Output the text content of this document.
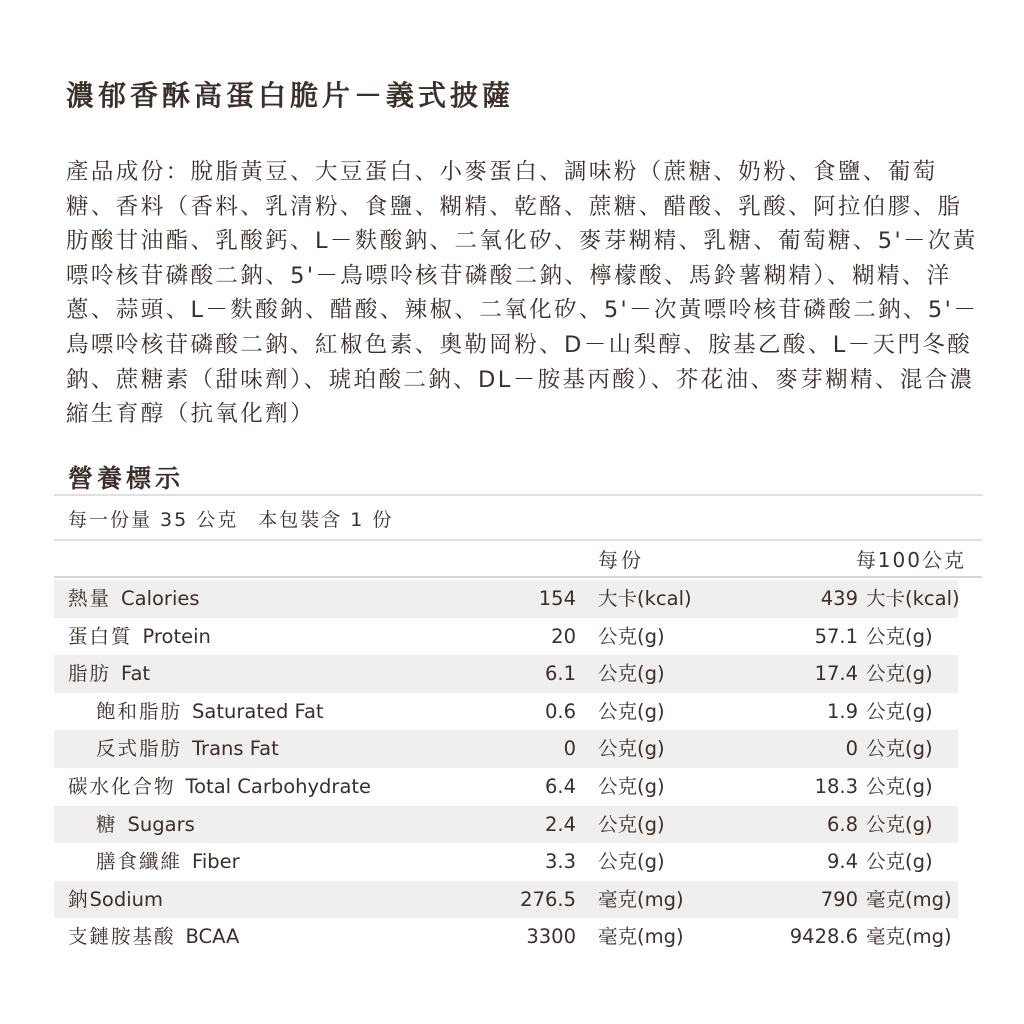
濃郁香酥高蛋白脆片－義式披薩

產品成份：脫脂黃豆、大豆蛋白、小麥蛋白、調味粉（蔗糖、奶粉、食鹽、葡萄糖、香料（香料、乳清粉、食鹽、糊精、乾酪、蔗糖、醋酸、乳酸、阿拉伯膠、脂肪酸甘油酯、乳酸鈣、L－麩酸鈉、二氧化矽、麥芽糊精、乳糖、葡萄糖、5'－次黃嘌呤核苷磷酸二鈉、5'－鳥嘌呤核苷磷酸二鈉、檸檬酸、馬鈴薯糊精）、糊精、洋蔥、蒜頭、L－麩酸鈉、醋酸、辣椒、二氧化矽、5'－次黃嘌呤核苷磷酸二鈉、5'－鳥嘌呤核苷磷酸二鈉、紅椒色素、奧勒岡粉、D－山梨醇、胺基乙酸、L－天門冬酸鈉、蔗糖素（甜味劑）、琥珀酸二鈉、DL－胺基丙酸）、芥花油、麥芽糊精、混合濃縮生育醇（抗氧化劑）

營養標示
每一份量 35 公克 本包裝含 1 份
每份	每100公克
熱量 Calories	154 大卡(kcal)	439 大卡(kcal)
蛋白質 Protein	20 公克(g)	57.1 公克(g)
脂肪 Fat	6.1 公克(g)	17.4 公克(g)
飽和脂肪 Saturated Fat	0.6 公克(g)	1.9 公克(g)
反式脂肪 Trans Fat	0 公克(g)	0 公克(g)
碳水化合物 Total Carbohydrate	6.4 公克(g)	18.3 公克(g)
糖 Sugars	2.4 公克(g)	6.8 公克(g)
膳食纖維 Fiber	3.3 公克(g)	9.4 公克(g)
鈉Sodium	276.5 毫克(mg)	790 毫克(mg)
支鏈胺基酸 BCAA	3300 毫克(mg)	9428.6 毫克(mg)
